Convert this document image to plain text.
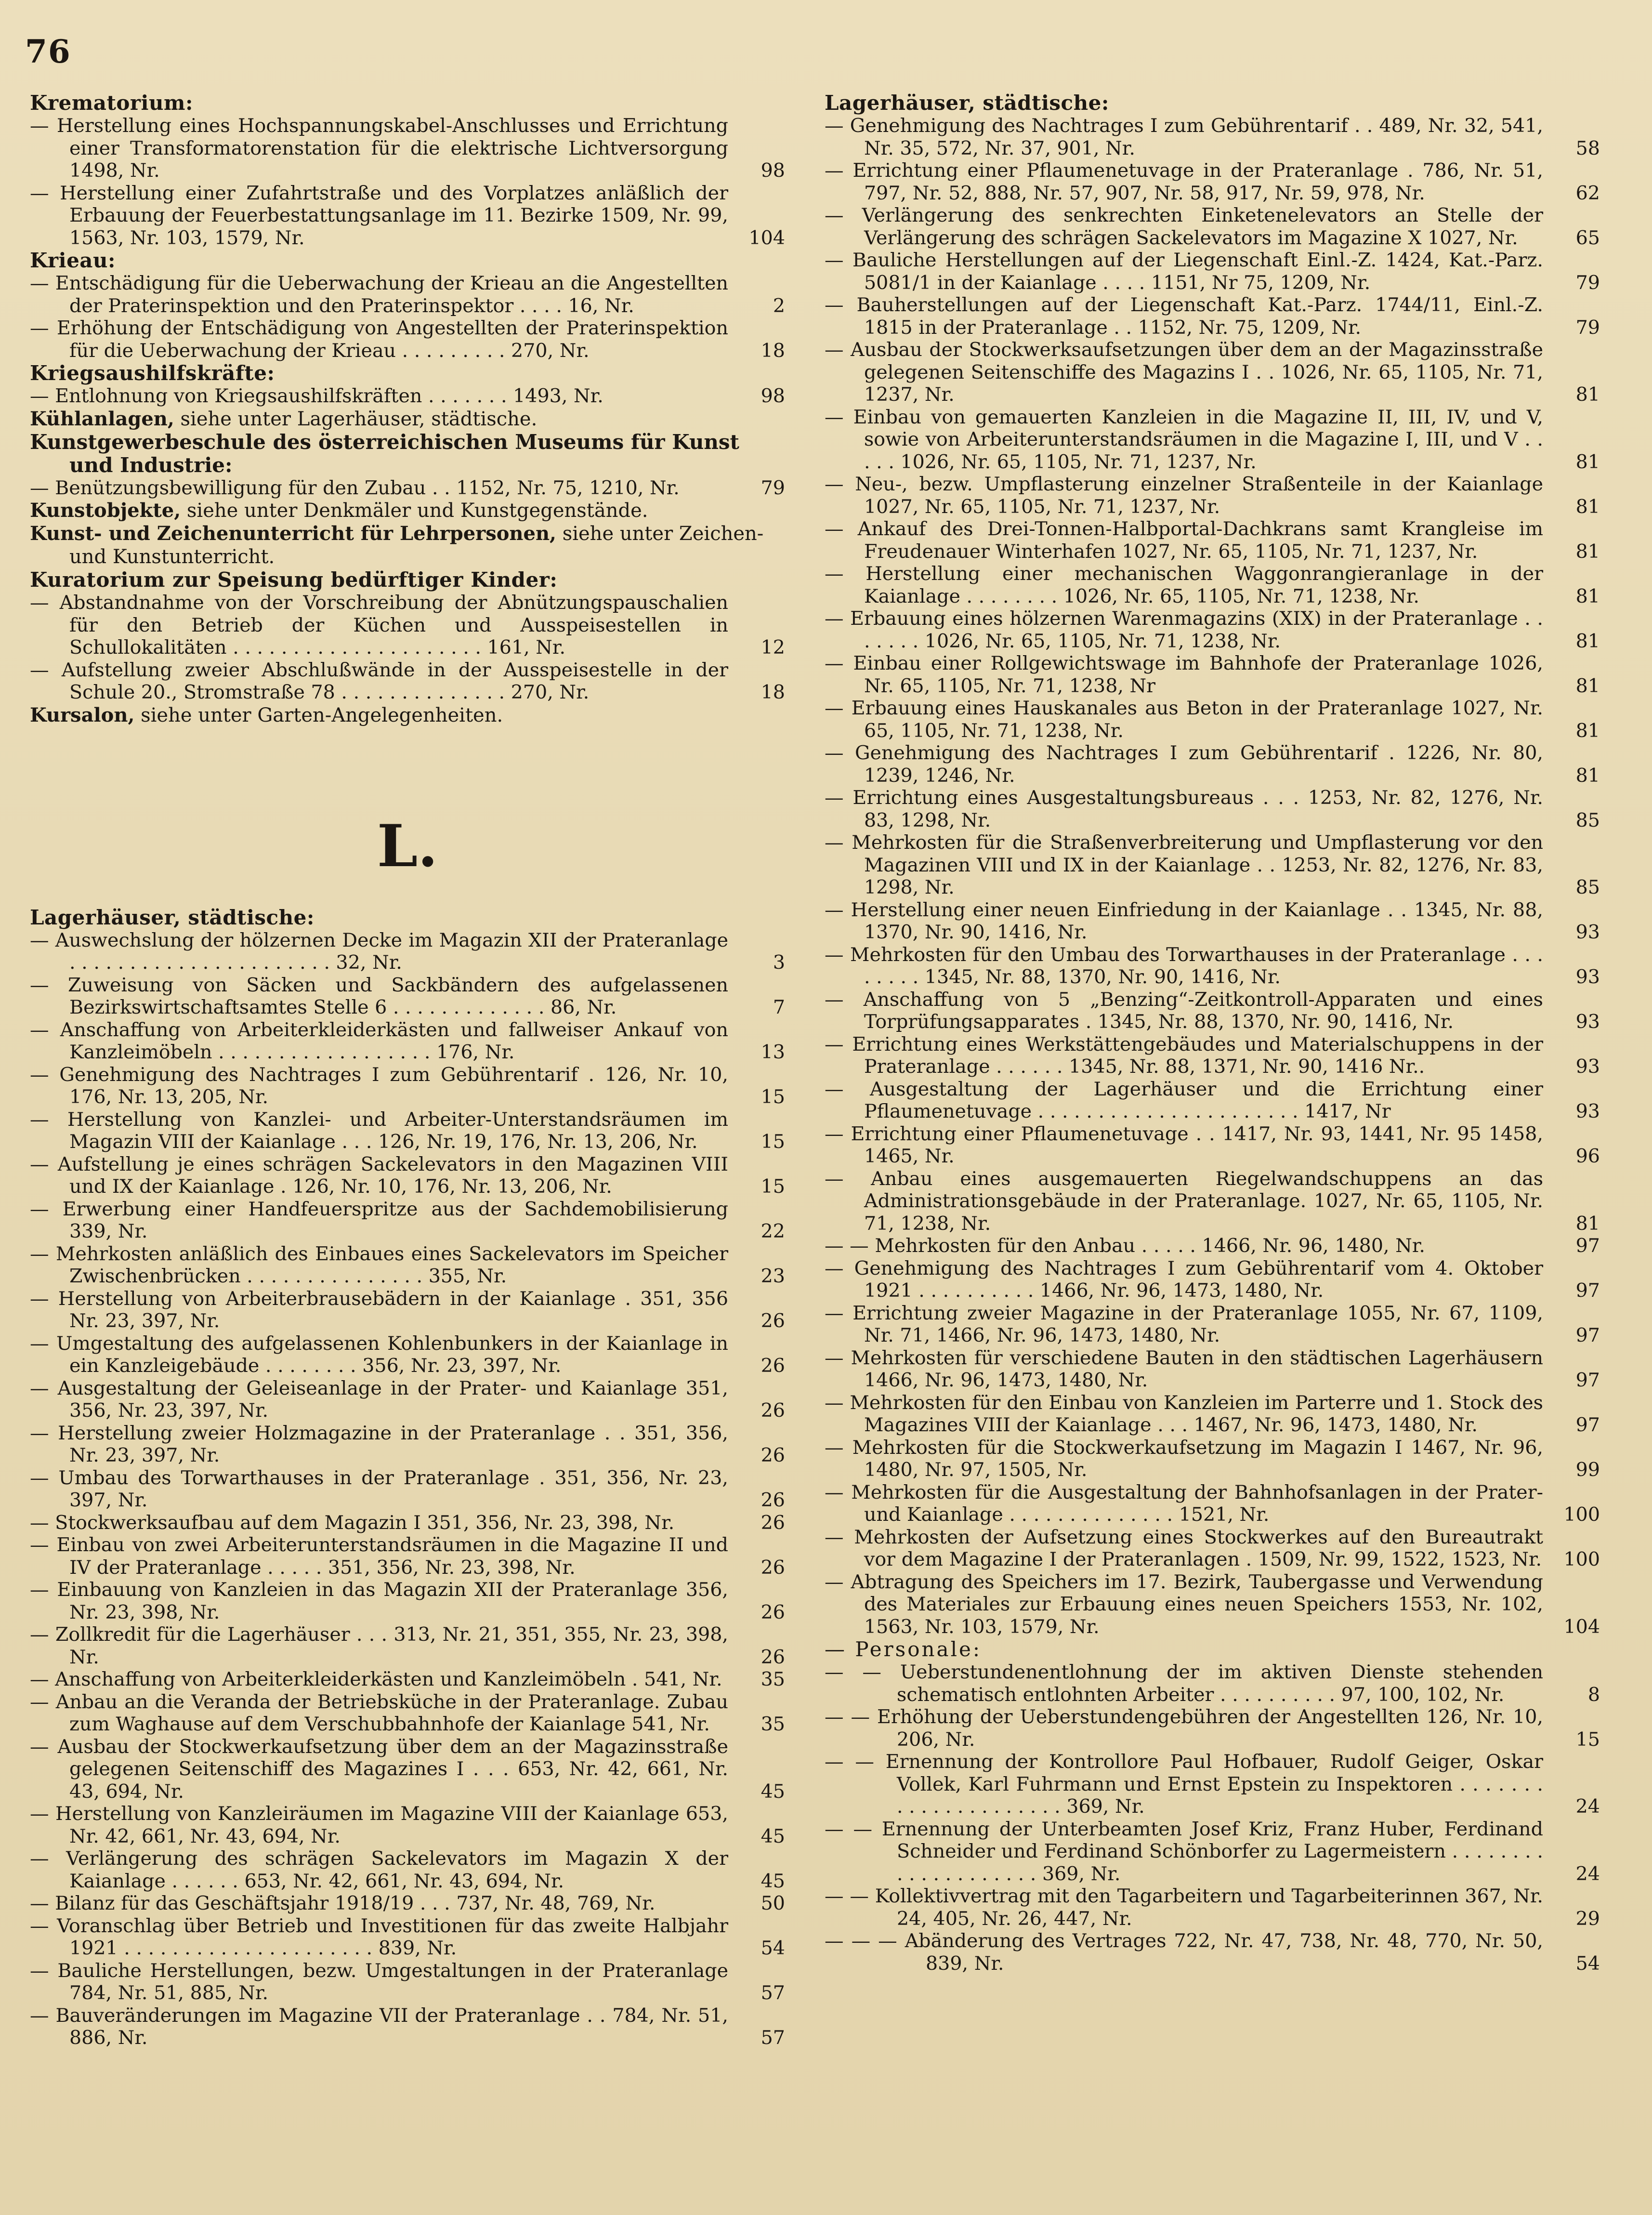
76
Krematorium:
— Herstellung eines Hochspannungskabel-Anschlusses und Errichtung einer Transformatorenstation für die elektrische Lichtversorgung 1498, Nr.	98
— Herstellung einer Zufahrtstraße und des Vorplatzes anläßlich der Erbauung der Feuerbestattungsanlage im 11. Bezirke 1509, Nr. 99, 1563, Nr. 103, 1579, Nr.	104
Krieau:
— Entschädigung für die Ueberwachung der Krieau an die Angestellten der Praterinspektion und den Praterinspektor . . . . 16, Nr.	2
— Erhöhung der Entschädigung von Angestellten der Praterinspektion für die Ueberwachung der Krieau . . . . . . . . . 270, Nr.	18
Kriegsaushilfskräfte:
— Entlohnung von Kriegsaushilfskräften . . . . . . . 1493, Nr.	98
Kühlanlagen, siehe unter Lagerhäuser, städtische.
Kunstgewerbeschule des österreichischen Museums für Kunst und Industrie:
— Benützungsbewilligung für den Zubau . . 1152, Nr. 75, 1210, Nr.	79
Kunstobjekte, siehe unter Denkmäler und Kunstgegenstände.
Kunst- und Zeichenunterricht für Lehrpersonen, siehe unter Zeichen- und Kunstunterricht.
Kuratorium zur Speisung bedürftiger Kinder:
— Abstandnahme von der Vorschreibung der Abnützungspauschalien für den Betrieb der Küchen und Ausspeisestellen in Schullokalitäten . . . . . . . . . . . . . . . . . . . . . 161, Nr.	12
— Aufstellung zweier Abschlußwände in der Ausspeisestelle in der Schule 20., Stromstraße 78 . . . . . . . . . . . . . . 270, Nr.	18
Kursalon, siehe unter Garten-Angelegenheiten.
L.
Lagerhäuser, städtische:
— Auswechslung der hölzernen Decke im Magazin XII der Prateranlage . . . . . . . . . . . . . . . . . . . . . . 32, Nr.	3
— Zuweisung von Säcken und Sackbändern des aufgelassenen Bezirkswirtschaftsamtes Stelle 6 . . . . . . . . . . . . . 86, Nr.	7
— Anschaffung von Arbeiterkleiderkästen und fallweiser Ankauf von Kanzleimöbeln . . . . . . . . . . . . . . . . . . 176, Nr.	13
— Genehmigung des Nachtrages I zum Gebührentarif . 126, Nr. 10, 176, Nr. 13, 205, Nr.	15
— Herstellung von Kanzlei- und Arbeiter-Unterstandsräumen im Magazin VIII der Kaianlage . . . 126, Nr. 19, 176, Nr. 13, 206, Nr.	15
— Aufstellung je eines schrägen Sackelevators in den Magazinen VIII und IX der Kaianlage . 126, Nr. 10, 176, Nr. 13, 206, Nr.	15
— Erwerbung einer Handfeuerspritze aus der Sachdemobilisierung 339, Nr.	22
— Mehrkosten anläßlich des Einbaues eines Sackelevators im Speicher Zwischenbrücken . . . . . . . . . . . . . . . 355, Nr.	23
— Herstellung von Arbeiterbrausebädern in der Kaianlage . 351, 356 Nr. 23, 397, Nr.	26
— Umgestaltung des aufgelassenen Kohlenbunkers in der Kaianlage in ein Kanzleigebäude . . . . . . . . 356, Nr. 23, 397, Nr.	26
— Ausgestaltung der Geleiseanlage in der Prater- und Kaianlage 351, 356, Nr. 23, 397, Nr.	26
— Herstellung zweier Holzmagazine in der Prateranlage . . 351, 356, Nr. 23, 397, Nr.	26
— Umbau des Torwarthauses in der Prateranlage . 351, 356, Nr. 23, 397, Nr.	26
— Stockwerksaufbau auf dem Magazin I 351, 356, Nr. 23, 398, Nr.	26
— Einbau von zwei Arbeiterunterstandsräumen in die Magazine II und IV der Prateranlage . . . . . 351, 356, Nr. 23, 398, Nr.	26
— Einbauung von Kanzleien in das Magazin XII der Prateranlage 356, Nr. 23, 398, Nr.	26
— Zollkredit für die Lagerhäuser . . . 313, Nr. 21, 351, 355, Nr. 23, 398, Nr.	26
— Anschaffung von Arbeiterkleiderkästen und Kanzleimöbeln . 541, Nr.	35
— Anbau an die Veranda der Betriebsküche in der Prateranlage. Zubau zum Waghause auf dem Verschubbahnhofe der Kaianlage 541, Nr.	35
— Ausbau der Stockwerkaufsetzung über dem an der Magazinsstraße gelegenen Seitenschiff des Magazines I . . . 653, Nr. 42, 661, Nr. 43, 694, Nr.	45
— Herstellung von Kanzleiräumen im Magazine VIII der Kaianlage 653, Nr. 42, 661, Nr. 43, 694, Nr.	45
— Verlängerung des schrägen Sackelevators im Magazin X der Kaianlage . . . . . . 653, Nr. 42, 661, Nr. 43, 694, Nr.	45
— Bilanz für das Geschäftsjahr 1918/19 . . . 737, Nr. 48, 769, Nr.	50
— Voranschlag über Betrieb und Investitionen für das zweite Halbjahr 1921 . . . . . . . . . . . . . . . . . . . . . 839, Nr.	54
— Bauliche Herstellungen, bezw. Umgestaltungen in der Prateranlage 784, Nr. 51, 885, Nr.	57
— Bauveränderungen im Magazine VII der Prateranlage . . 784, Nr. 51, 886, Nr.	57
Lagerhäuser, städtische:
— Genehmigung des Nachtrages I zum Gebührentarif . . 489, Nr. 32, 541, Nr. 35, 572, Nr. 37, 901, Nr.	58
— Errichtung einer Pflaumenetuvage in der Prateranlage . 786, Nr. 51, 797, Nr. 52, 888, Nr. 57, 907, Nr. 58, 917, Nr. 59, 978, Nr.	62
— Verlängerung des senkrechten Einketenelevators an Stelle der Verlängerung des schrägen Sackelevators im Magazine X 1027, Nr.	65
— Bauliche Herstellungen auf der Liegenschaft Einl.-Z. 1424, Kat.-Parz. 5081/1 in der Kaianlage . . . . 1151, Nr 75, 1209, Nr.	79
— Bauherstellungen auf der Liegenschaft Kat.-Parz. 1744/11, Einl.-Z. 1815 in der Prateranlage . . 1152, Nr. 75, 1209, Nr.	79
— Ausbau der Stockwerksaufsetzungen über dem an der Magazinsstraße gelegenen Seitenschiffe des Magazins I . . 1026, Nr. 65, 1105, Nr. 71, 1237, Nr.	81
— Einbau von gemauerten Kanzleien in die Magazine II, III, IV, und V, sowie von Arbeiterunterstandsräumen in die Magazine I, III, und V . . . . . 1026, Nr. 65, 1105, Nr. 71, 1237, Nr.	81
— Neu-, bezw. Umpflasterung einzelner Straßenteile in der Kaianlage 1027, Nr. 65, 1105, Nr. 71, 1237, Nr.	81
— Ankauf des Drei-Tonnen-Halbportal-Dachkrans samt Krangleise im Freudenauer Winterhafen 1027, Nr. 65, 1105, Nr. 71, 1237, Nr.	81
— Herstellung einer mechanischen Waggonrangieranlage in der Kaianlage . . . . . . . . 1026, Nr. 65, 1105, Nr. 71, 1238, Nr.	81
— Erbauung eines hölzernen Warenmagazins (XIX) in der Prateranlage . . . . . . . 1026, Nr. 65, 1105, Nr. 71, 1238, Nr.	81
— Einbau einer Rollgewichtswage im Bahnhofe der Prateranlage 1026, Nr. 65, 1105, Nr. 71, 1238, Nr	81
— Erbauung eines Hauskanales aus Beton in der Prateranlage 1027, Nr. 65, 1105, Nr. 71, 1238, Nr.	81
— Genehmigung des Nachtrages I zum Gebührentarif . 1226, Nr. 80, 1239, 1246, Nr.	81
— Errichtung eines Ausgestaltungsbureaus . . . 1253, Nr. 82, 1276, Nr. 83, 1298, Nr.	85
— Mehrkosten für die Straßenverbreiterung und Umpflasterung vor den Magazinen VIII und IX in der Kaianlage . . 1253, Nr. 82, 1276, Nr. 83, 1298, Nr.	85
— Herstellung einer neuen Einfriedung in der Kaianlage . . 1345, Nr. 88, 1370, Nr. 90, 1416, Nr.	93
— Mehrkosten für den Umbau des Torwarthauses in der Prateranlage . . . . . . . . 1345, Nr. 88, 1370, Nr. 90, 1416, Nr.	93
— Anschaffung von 5 „Benzing“-Zeitkontroll-Apparaten und eines Torprüfungsapparates . 1345, Nr. 88, 1370, Nr. 90, 1416, Nr.	93
— Errichtung eines Werkstättengebäudes und Materialschuppens in der Prateranlage . . . . . . 1345, Nr. 88, 1371, Nr. 90, 1416 Nr..	93
— Ausgestaltung der Lagerhäuser und die Errichtung einer Pflaumenetuvage . . . . . . . . . . . . . . . . . . . . . . 1417, Nr	93
— Errichtung einer Pflaumenetuvage . . 1417, Nr. 93, 1441, Nr. 95 1458, 1465, Nr.	96
— Anbau eines ausgemauerten Riegelwandschuppens an das Administrationsgebäude in der Prateranlage. 1027, Nr. 65, 1105, Nr. 71, 1238, Nr.	81
— — Mehrkosten für den Anbau . . . . . 1466, Nr. 96, 1480, Nr.	97
— Genehmigung des Nachtrages I zum Gebührentarif vom 4. Oktober 1921 . . . . . . . . . . 1466, Nr. 96, 1473, 1480, Nr.	97
— Errichtung zweier Magazine in der Prateranlage 1055, Nr. 67, 1109, Nr. 71, 1466, Nr. 96, 1473, 1480, Nr.	97
— Mehrkosten für verschiedene Bauten in den städtischen Lagerhäusern 1466, Nr. 96, 1473, 1480, Nr.	97
— Mehrkosten für den Einbau von Kanzleien im Parterre und 1. Stock des Magazines VIII der Kaianlage . . . 1467, Nr. 96, 1473, 1480, Nr.	97
— Mehrkosten für die Stockwerkaufsetzung im Magazin I 1467, Nr. 96, 1480, Nr. 97, 1505, Nr.	99
— Mehrkosten für die Ausgestaltung der Bahnhofsanlagen in der Prater- und Kaianlage . . . . . . . . . . . . . . 1521, Nr.	100
— Mehrkosten der Aufsetzung eines Stockwerkes auf den Bureautrakt vor dem Magazine I der Prateranlagen . 1509, Nr. 99, 1522, 1523, Nr.	100
— Abtragung des Speichers im 17. Bezirk, Taubergasse und Verwendung des Materiales zur Erbauung eines neuen Speichers 1553, Nr. 102, 1563, Nr. 103, 1579, Nr.	104
— Personale:
— — Ueberstundenentlohnung der im aktiven Dienste stehenden schematisch entlohnten Arbeiter . . . . . . . . . . 97, 100, 102, Nr.	8
— — Erhöhung der Ueberstundengebühren der Angestellten 126, Nr. 10, 206, Nr.	15
— — Ernennung der Kontrollore Paul Hofbauer, Rudolf Geiger, Oskar Vollek, Karl Fuhrmann und Ernst Epstein zu Inspektoren . . . . . . . . . . . . . . . . . . . . . 369, Nr.	24
— — Ernennung der Unterbeamten Josef Kriz, Franz Huber, Ferdinand Schneider und Ferdinand Schönborfer zu Lagermeistern . . . . . . . . . . . . . . . . . . . . 369, Nr.	24
— — Kollektivvertrag mit den Tagarbeitern und Tagarbeiterinnen 367, Nr. 24, 405, Nr. 26, 447, Nr.	29
— — — Abänderung des Vertrages 722, Nr. 47, 738, Nr. 48, 770, Nr. 50, 839, Nr.	54
